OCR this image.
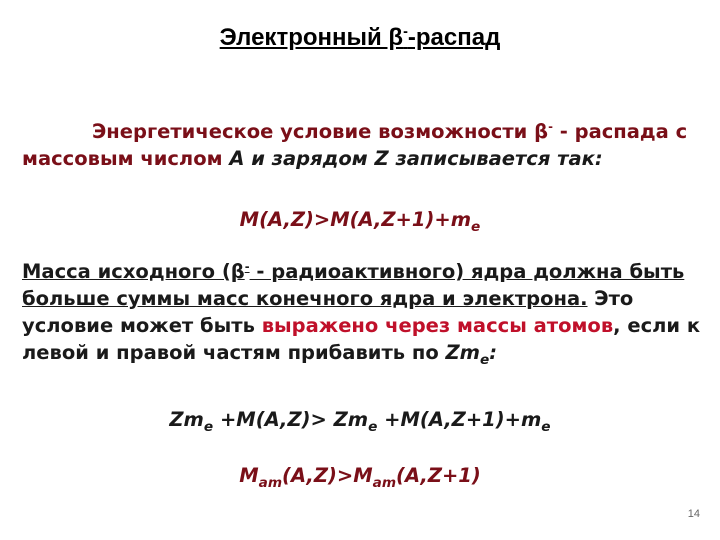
Электронный β--распад
Энергетическое условие возможности β- - распада с массовым числом A и зарядом Z записывается так:
$M(A,Z)>M(A,Z+1)+m_e$
Масса исходного (β- - радиоактивного) ядра должна быть больше суммы масс конечного ядра и электрона. Это условие может быть выражено через массы атомов, если к левой и правой частям прибавить по $Zm_e$:
$Zm_e +M(A,Z)> Zm_e +M(A,Z+1)+m_e$
$M_{am}(A,Z)>M_{am}(A,Z+1)$
14
